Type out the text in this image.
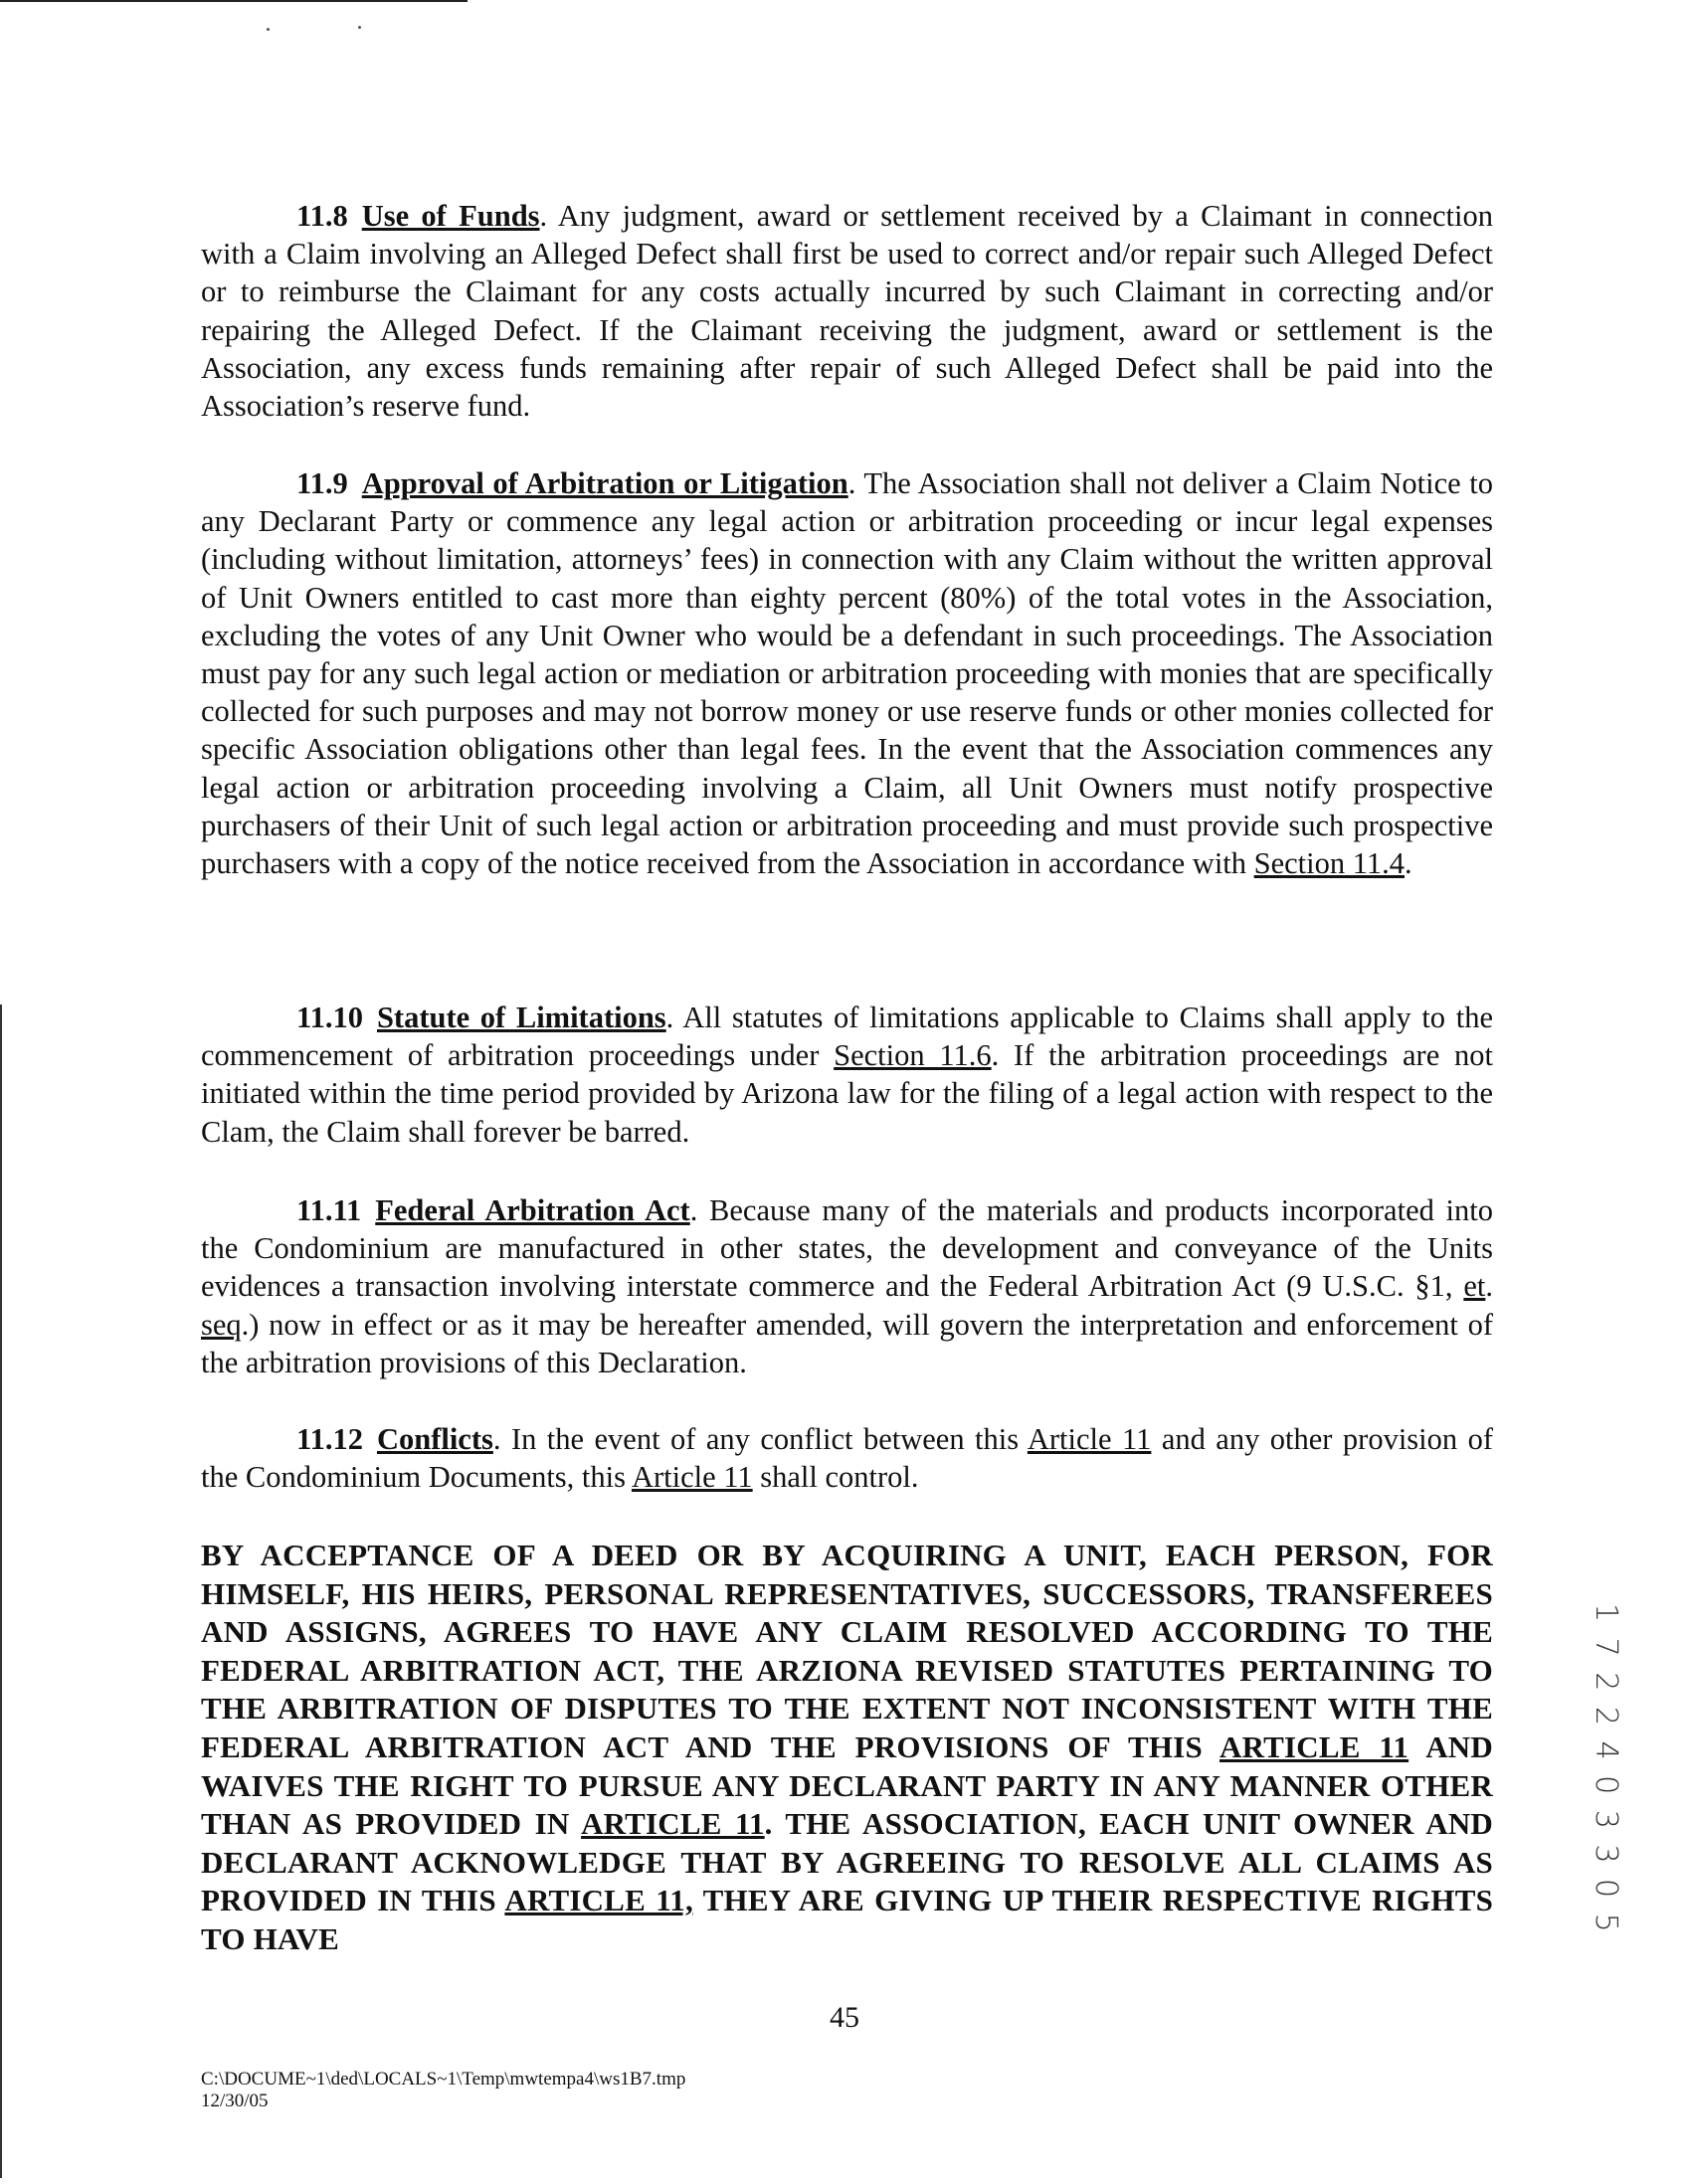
11.8 Use of Funds. Any judgment, award or settlement received by a Claimant in connection with a Claim involving an Alleged Defect shall first be used to correct and/or repair such Alleged Defect or to reimburse the Claimant for any costs actually incurred by such Claimant in correcting and/or repairing the Alleged Defect. If the Claimant receiving the judgment, award or settlement is the Association, any excess funds remaining after repair of such Alleged Defect shall be paid into the Association’s reserve fund.

11.9 Approval of Arbitration or Litigation. The Association shall not deliver a Claim Notice to any Declarant Party or commence any legal action or arbitration proceeding or incur legal expenses (including without limitation, attorneys’ fees) in connection with any Claim without the written approval of Unit Owners entitled to cast more than eighty percent (80%) of the total votes in the Association, excluding the votes of any Unit Owner who would be a defendant in such proceedings. The Association must pay for any such legal action or mediation or arbitration proceeding with monies that are specifically collected for such purposes and may not borrow money or use reserve funds or other monies collected for specific Association obligations other than legal fees. In the event that the Association commences any legal action or arbitration proceeding involving a Claim, all Unit Owners must notify prospective purchasers of their Unit of such legal action or arbitration proceeding and must provide such prospective purchasers with a copy of the notice received from the Association in accordance with Section 11.4.

11.10 Statute of Limitations. All statutes of limitations applicable to Claims shall apply to the commencement of arbitration proceedings under Section 11.6. If the arbitration proceedings are not initiated within the time period provided by Arizona law for the filing of a legal action with respect to the Clam, the Claim shall forever be barred.

11.11 Federal Arbitration Act. Because many of the materials and products incorporated into the Condominium are manufactured in other states, the development and conveyance of the Units evidences a transaction involving interstate commerce and the Federal Arbitration Act (9 U.S.C. §1, et. seq.) now in effect or as it may be hereafter amended, will govern the interpretation and enforcement of the arbitration provisions of this Declaration.

11.12 Conflicts. In the event of any conflict between this Article 11 and any other provision of the Condominium Documents, this Article 11 shall control.

BY ACCEPTANCE OF A DEED OR BY ACQUIRING A UNIT, EACH PERSON, FOR HIMSELF, HIS HEIRS, PERSONAL REPRESENTATIVES, SUCCESSORS, TRANSFEREES AND ASSIGNS, AGREES TO HAVE ANY CLAIM RESOLVED ACCORDING TO THE FEDERAL ARBITRATION ACT, THE ARZIONA REVISED STATUTES PERTAINING TO THE ARBITRATION OF DISPUTES TO THE EXTENT NOT INCONSISTENT WITH THE FEDERAL ARBITRATION ACT AND THE PROVISIONS OF THIS ARTICLE 11 AND WAIVES THE RIGHT TO PURSUE ANY DECLARANT PARTY IN ANY MANNER OTHER THAN AS PROVIDED IN ARTICLE 11. THE ASSOCIATION, EACH UNIT OWNER AND DECLARANT ACKNOWLEDGE THAT BY AGREEING TO RESOLVE ALL CLAIMS AS PROVIDED IN THIS ARTICLE 11, THEY ARE GIVING UP THEIR RESPECTIVE RIGHTS TO HAVE

45
C:\DOCUME~1\ded\LOCALS~1\Temp\mwtempa4\ws1B7.tmp
12/30/05
1 7 2 2 4 0 3 3 0 5
